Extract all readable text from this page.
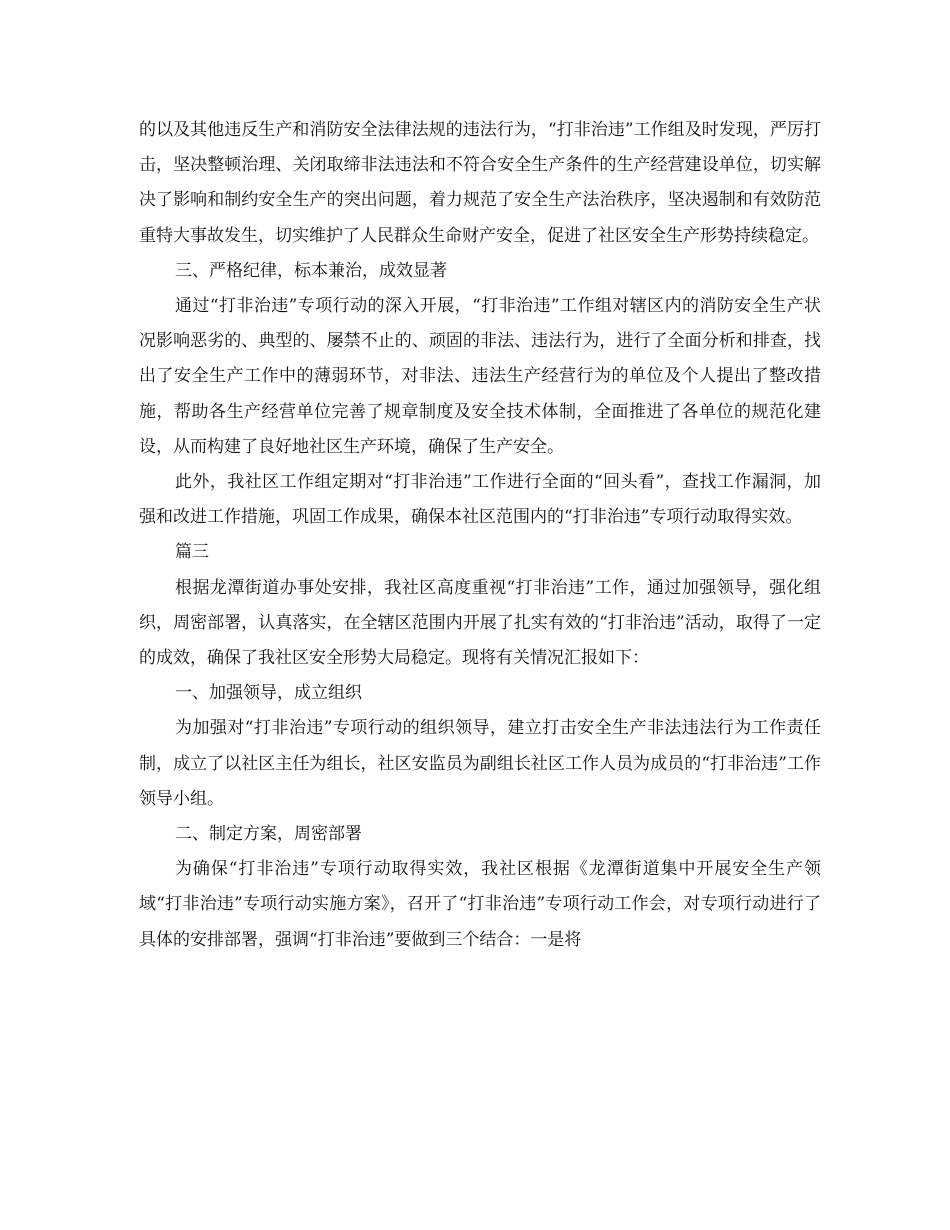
的以及其他违反生产和消防安全法律法规的违法行为，“打非治违”工作组及时发现，严厉打击，坚决整顿治理、关闭取缔非法违法和不符合安全生产条件的生产经营建设单位，切实解决了影响和制约安全生产的突出问题，着力规范了安全生产法治秩序，坚决遏制和有效防范重特大事故发生，切实维护了人民群众生命财产安全，促进了社区安全生产形势持续稳定。

三、严格纪律，标本兼治，成效显著

通过“打非治违”专项行动的深入开展，“打非治违”工作组对辖区内的消防安全生产状况影响恶劣的、典型的、屡禁不止的、顽固的非法、违法行为，进行了全面分析和排查，找出了安全生产工作中的薄弱环节，对非法、违法生产经营行为的单位及个人提出了整改措施，帮助各生产经营单位完善了规章制度及安全技术体制，全面推进了各单位的规范化建设，从而构建了良好地社区生产环境，确保了生产安全。

此外，我社区工作组定期对“打非治违”工作进行全面的“回头看”，查找工作漏洞，加强和改进工作措施，巩固工作成果，确保本社区范围内的“打非治违”专项行动取得实效。

篇三

根据龙潭街道办事处安排，我社区高度重视“打非治违”工作，通过加强领导，强化组织，周密部署，认真落实，在全辖区范围内开展了扎实有效的“打非治违”活动，取得了一定的成效，确保了我社区安全形势大局稳定。现将有关情况汇报如下：

一、加强领导，成立组织

为加强对“打非治违”专项行动的组织领导，建立打击安全生产非法违法行为工作责任制，成立了以社区主任为组长，社区安监员为副组长社区工作人员为成员的“打非治违”工作领导小组。

二、制定方案，周密部署

为确保“打非治违”专项行动取得实效，我社区根据《龙潭街道集中开展安全生产领域“打非治违”专项行动实施方案》，召开了“打非治违”专项行动工作会，对专项行动进行了具体的安排部署，强调“打非治违”要做到三个结合：一是将
